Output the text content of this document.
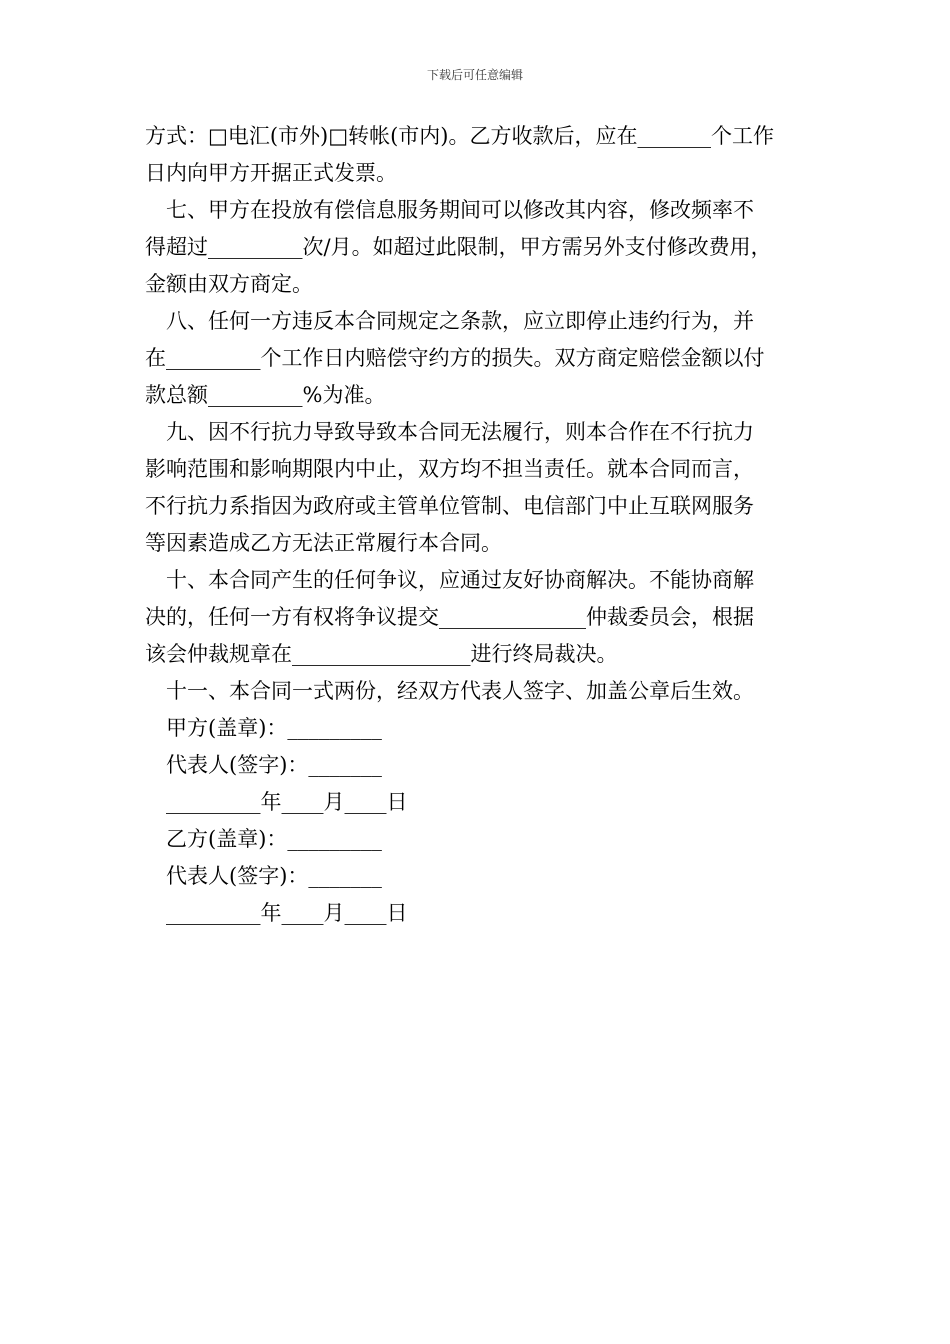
下载后可任意编辑
方式：□电汇(市外)□转帐(市内)。乙方收款后，应在_______个工作
日内向甲方开据正式发票。
七、甲方在投放有偿信息服务期间可以修改其内容，修改频率不
得超过_________次/月。如超过此限制，甲方需另外支付修改费用，
金额由双方商定。
八、任何一方违反本合同规定之条款，应立即停止违约行为，并
在_________个工作日内赔偿守约方的损失。双方商定赔偿金额以付
款总额_________%为准。
九、因不行抗力导致导致本合同无法履行，则本合作在不行抗力
影响范围和影响期限内中止，双方均不担当责任。就本合同而言，
不行抗力系指因为政府或主管单位管制、电信部门中止互联网服务
等因素造成乙方无法正常履行本合同。
十、本合同产生的任何争议，应通过友好协商解决。不能协商解
决的，任何一方有权将争议提交______________仲裁委员会，根据
该会仲裁规章在_________________进行终局裁决。
十一、本合同一式两份，经双方代表人签字、加盖公章后生效。
甲方(盖章)：_________
代表人(签字)：_______
_________年____月____日
乙方(盖章)：_________
代表人(签字)：_______
_________年____月____日
